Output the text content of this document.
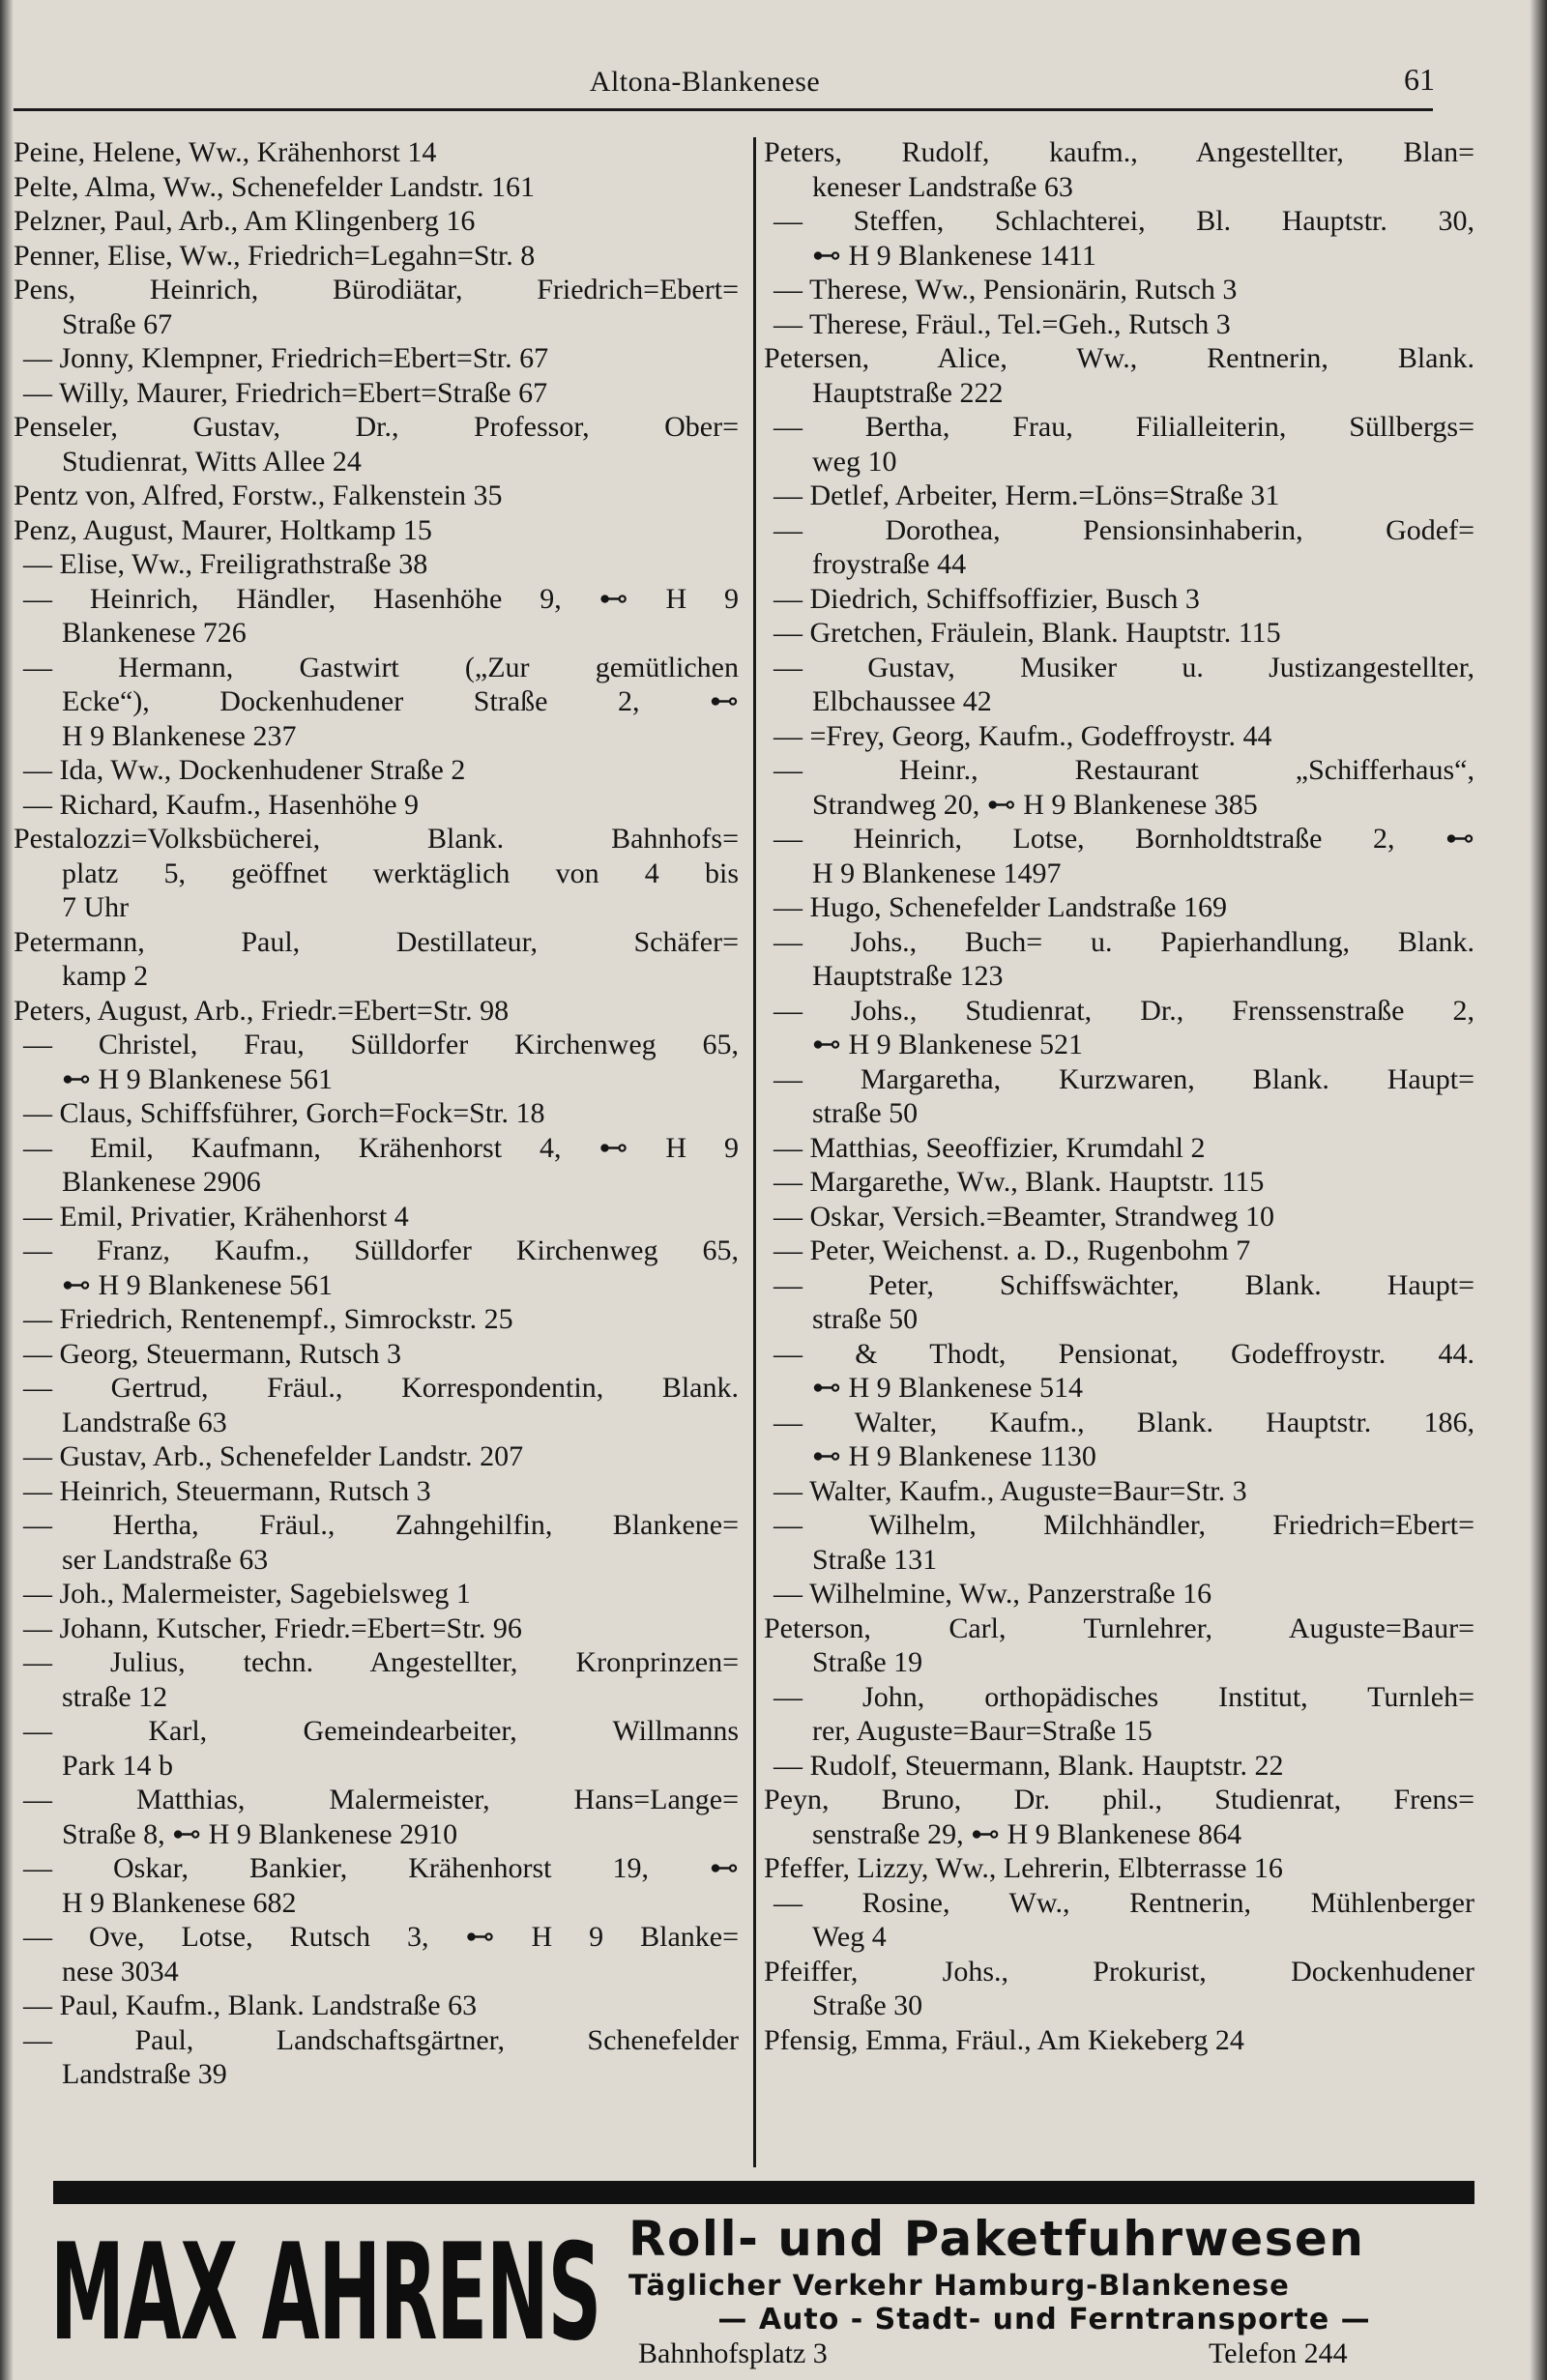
Altona-Blankenese	61
Peine, Helene, Ww., Krähenhorst 14
Pelte, Alma, Ww., Schenefelder Landstr. 161
Pelzner, Paul, Arb., Am Klingenberg 16
Penner, Elise, Ww., Friedrich=Legahn=Str. 8
Pens, Heinrich, Bürodiätar, Friedrich=Ebert=
Straße 67
— Jonny, Klempner, Friedrich=Ebert=Str. 67
— Willy, Maurer, Friedrich=Ebert=Straße 67
Penseler, Gustav, Dr., Professor, Ober=
Studienrat, Witts Allee 24
Pentz von, Alfred, Forstw., Falkenstein 35
Penz, August, Maurer, Holtkamp 15
— Elise, Ww., Freiligrathstraße 38
— Heinrich, Händler, Hasenhöhe 9, ⊷ H 9
Blankenese 726
— Hermann, Gastwirt („Zur gemütlichen
Ecke“), Dockenhudener Straße 2, ⊷
H 9 Blankenese 237
— Ida, Ww., Dockenhudener Straße 2
— Richard, Kaufm., Hasenhöhe 9
Pestalozzi=Volksbücherei, Blank. Bahnhofs=
platz 5, geöffnet werktäglich von 4 bis
7 Uhr
Petermann, Paul, Destillateur, Schäfer=
kamp 2
Peters, August, Arb., Friedr.=Ebert=Str. 98
— Christel, Frau, Sülldorfer Kirchenweg 65,
⊷ H 9 Blankenese 561
— Claus, Schiffsführer, Gorch=Fock=Str. 18
— Emil, Kaufmann, Krähenhorst 4, ⊷ H 9
Blankenese 2906
— Emil, Privatier, Krähenhorst 4
— Franz, Kaufm., Sülldorfer Kirchenweg 65,
⊷ H 9 Blankenese 561
— Friedrich, Rentenempf., Simrockstr. 25
— Georg, Steuermann, Rutsch 3
— Gertrud, Fräul., Korrespondentin, Blank.
Landstraße 63
— Gustav, Arb., Schenefelder Landstr. 207
— Heinrich, Steuermann, Rutsch 3
— Hertha, Fräul., Zahngehilfin, Blankene=
ser Landstraße 63
— Joh., Malermeister, Sagebielsweg 1
— Johann, Kutscher, Friedr.=Ebert=Str. 96
— Julius, techn. Angestellter, Kronprinzen=
straße 12
— Karl, Gemeindearbeiter, Willmanns
Park 14 b
— Matthias, Malermeister, Hans=Lange=
Straße 8, ⊷ H 9 Blankenese 2910
— Oskar, Bankier, Krähenhorst 19, ⊷
H 9 Blankenese 682
— Ove, Lotse, Rutsch 3, ⊷ H 9 Blanke=
nese 3034
— Paul, Kaufm., Blank. Landstraße 63
— Paul, Landschaftsgärtner, Schenefelder
Landstraße 39
Peters, Rudolf, kaufm., Angestellter, Blan=
keneser Landstraße 63
— Steffen, Schlachterei, Bl. Hauptstr. 30,
⊷ H 9 Blankenese 1411
— Therese, Ww., Pensionärin, Rutsch 3
— Therese, Fräul., Tel.=Geh., Rutsch 3
Petersen, Alice, Ww., Rentnerin, Blank.
Hauptstraße 222
— Bertha, Frau, Filialleiterin, Süllbergs=
weg 10
— Detlef, Arbeiter, Herm.=Löns=Straße 31
— Dorothea, Pensionsinhaberin, Godef=
froystraße 44
— Diedrich, Schiffsoffizier, Busch 3
— Gretchen, Fräulein, Blank. Hauptstr. 115
— Gustav, Musiker u. Justizangestellter,
Elbchaussee 42
— =Frey, Georg, Kaufm., Godeffroystr. 44
— Heinr., Restaurant „Schifferhaus“,
Strandweg 20, ⊷ H 9 Blankenese 385
— Heinrich, Lotse, Bornholdtstraße 2, ⊷
H 9 Blankenese 1497
— Hugo, Schenefelder Landstraße 169
— Johs., Buch= u. Papierhandlung, Blank.
Hauptstraße 123
— Johs., Studienrat, Dr., Frenssenstraße 2,
⊷ H 9 Blankenese 521
— Margaretha, Kurzwaren, Blank. Haupt=
straße 50
— Matthias, Seeoffizier, Krumdahl 2
— Margarethe, Ww., Blank. Hauptstr. 115
— Oskar, Versich.=Beamter, Strandweg 10
— Peter, Weichenst. a. D., Rugenbohm 7
— Peter, Schiffswächter, Blank. Haupt=
straße 50
— & Thodt, Pensionat, Godeffroystr. 44.
⊷ H 9 Blankenese 514
— Walter, Kaufm., Blank. Hauptstr. 186,
⊷ H 9 Blankenese 1130
— Walter, Kaufm., Auguste=Baur=Str. 3
— Wilhelm, Milchhändler, Friedrich=Ebert=
Straße 131
— Wilhelmine, Ww., Panzerstraße 16
Peterson, Carl, Turnlehrer, Auguste=Baur=
Straße 19
— John, orthopädisches Institut, Turnleh=
rer, Auguste=Baur=Straße 15
— Rudolf, Steuermann, Blank. Hauptstr. 22
Peyn, Bruno, Dr. phil., Studienrat, Frens=
senstraße 29, ⊷ H 9 Blankenese 864
Pfeffer, Lizzy, Ww., Lehrerin, Elbterrasse 16
— Rosine, Ww., Rentnerin, Mühlenberger
Weg 4
Pfeiffer, Johs., Prokurist, Dockenhudener
Straße 30
Pfensig, Emma, Fräul., Am Kiekeberg 24
MAX AHRENS Roll- und Paketfuhrwesen
Täglicher Verkehr Hamburg-Blankenese
— Auto - Stadt- und Ferntransporte —
Bahnhofsplatz 3	Telefon 244
